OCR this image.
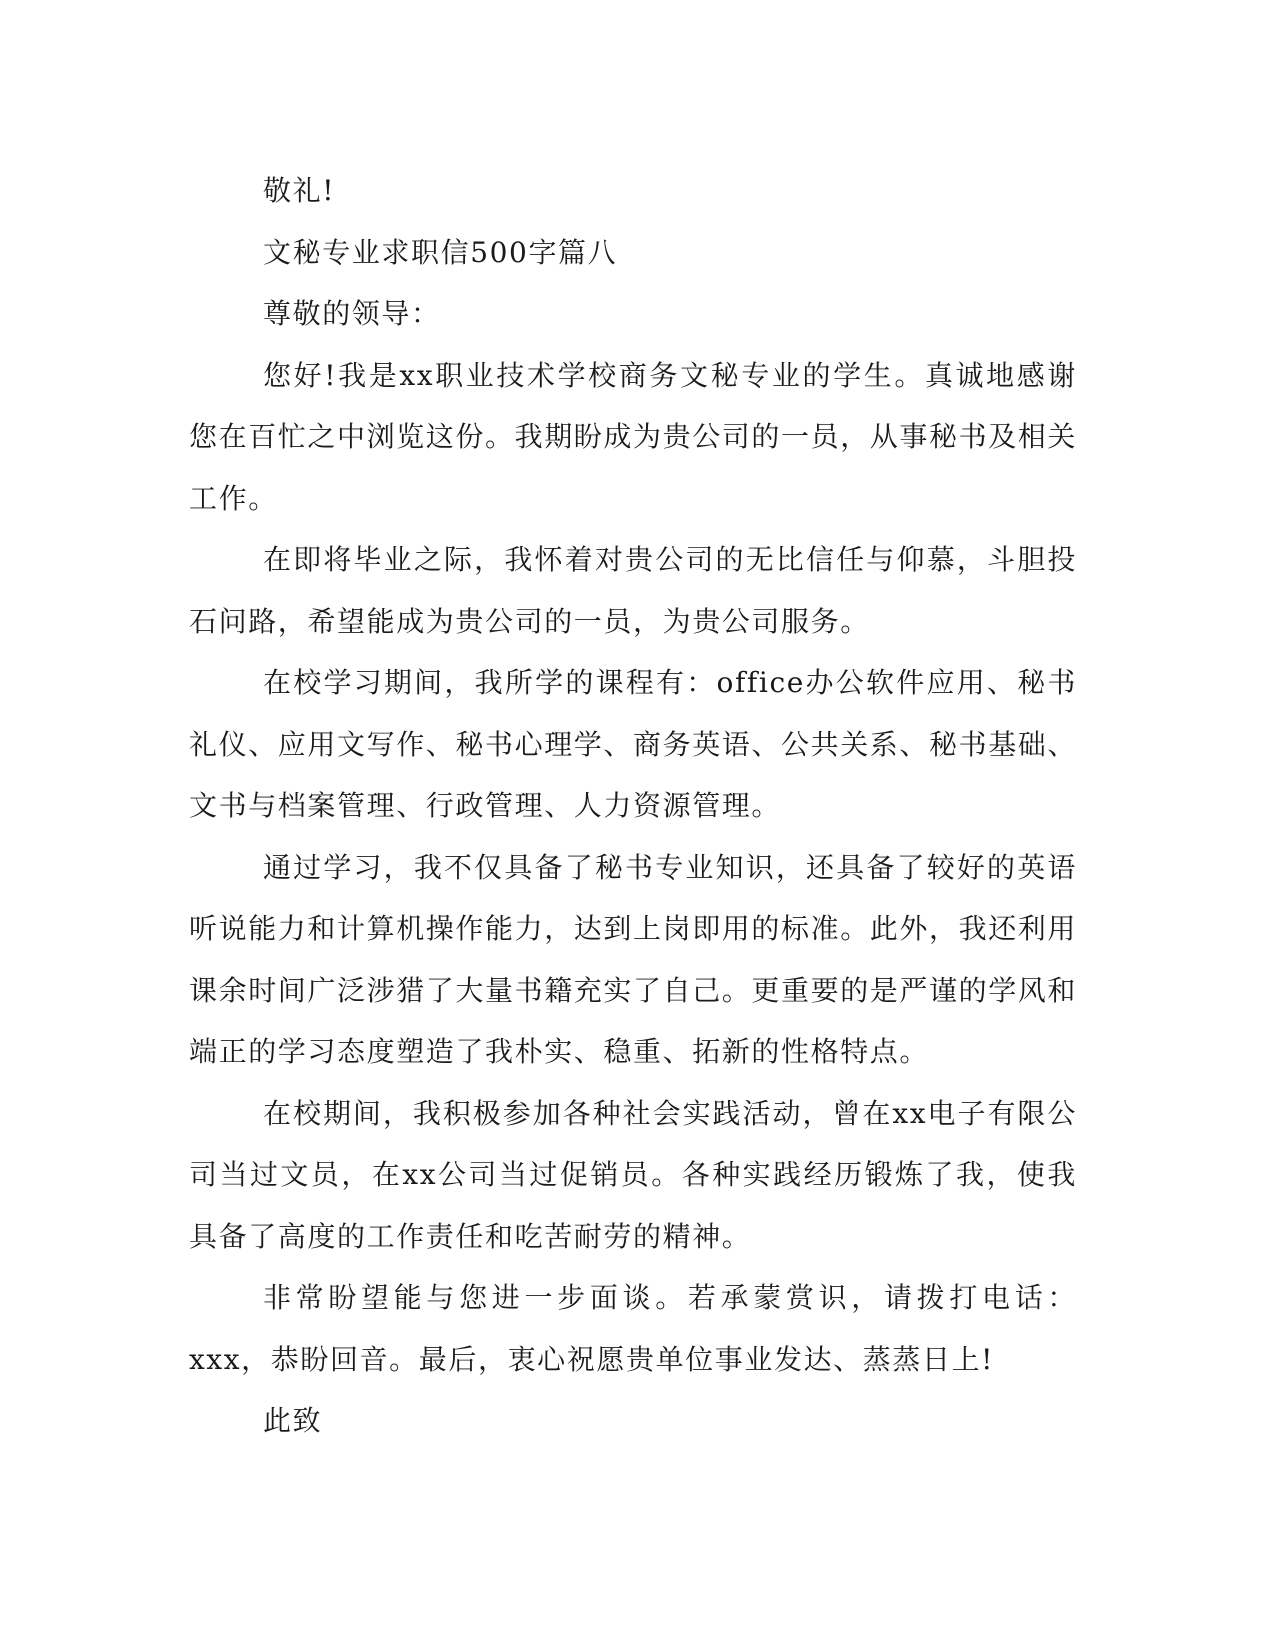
敬礼!

文秘专业求职信500字篇八

尊敬的领导：

您好!我是xx职业技术学校商务文秘专业的学生。真诚地感谢您在百忙之中浏览这份。我期盼成为贵公司的一员，从事秘书及相关工作。

在即将毕业之际，我怀着对贵公司的无比信任与仰慕，斗胆投石问路，希望能成为贵公司的一员，为贵公司服务。

在校学习期间，我所学的课程有：office办公软件应用、秘书礼仪、应用文写作、秘书心理学、商务英语、公共关系、秘书基础、文书与档案管理、行政管理、人力资源管理。

通过学习，我不仅具备了秘书专业知识，还具备了较好的英语听说能力和计算机操作能力，达到上岗即用的标准。此外，我还利用课余时间广泛涉猎了大量书籍充实了自己。更重要的是严谨的学风和端正的学习态度塑造了我朴实、稳重、拓新的性格特点。

在校期间，我积极参加各种社会实践活动，曾在xx电子有限公司当过文员，在xx公司当过促销员。各种实践经历锻炼了我，使我具备了高度的工作责任和吃苦耐劳的精神。

非常盼望能与您进一步面谈。若承蒙赏识，请拨打电话：xxx，恭盼回音。最后，衷心祝愿贵单位事业发达、蒸蒸日上!

此致
